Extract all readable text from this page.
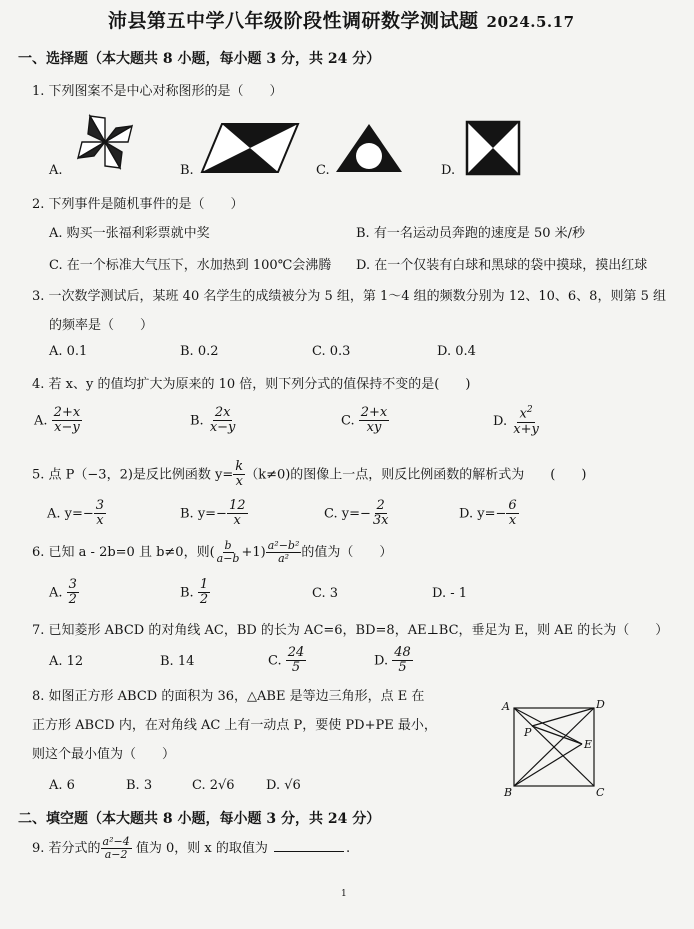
沛县第五中学八年级阶段性调研数学测试题 2024.5.17
一、选择题（本大题共 8 小题，每小题 3 分，共 24 分）
1. 下列图案不是中心对称图形的是（　　）
A.	B.	C.	D.
2. 下列事件是随机事件的是（　　）
A. 购买一张福利彩票就中奖	B. 有一名运动员奔跑的速度是 50 米/秒
C. 在一个标准大气压下，水加热到 100℃会沸腾 D. 在一个仅装有白球和黑球的袋中摸球，摸出红球
3. 一次数学测试后，某班 40 名学生的成绩被分为 5 组，第 1～4 组的频数分别为 12、10、6、8，则第 5 组
的频率是（　　）
A. 0.1	B. 0.2	C. 0.3	D. 0.4
4. 若 x、y 的值均扩大为原来的 10 倍，则下列分式的值保持不变的是(　　)
A. $\frac{2+x}{x-y}$	B. $\frac{2x}{x-y}$	C. $\frac{2+x}{xy}$	D. $\frac{x^2}{x+y}$
5. 点 P（−3，2)是反比例函数 $y= \frac{k}{x} (k\ne 0)$的图像上一点，则反比例函数的解析式为　　(　　)
A. $y=- \frac{3}{x}$	B. $y=- \frac{12}{x}$	C. $y=- \frac{2}{3x}$	D. $y=- \frac{6}{x}$
6. 已知 a - 2b=0 且 b≠0，则( $\frac{b}{a-b} +1) \frac{\text{a²−b²}}{\text{a²}}$ 的值为（　　）
A. $\frac{3}{2}$	B. $\frac{1}{2}$	C. 3	D. - 1
7. 已知菱形 ABCD 的对角线 AC，BD 的长为 AC=6，BD=8，AE⊥BC，垂足为 E，则 AE 的长为（　　）
A. 12	B. 14	C. $\frac{24}{5}$	D. $\frac{48}{5}$
8. 如图正方形 ABCD 的面积为 36，△ABE 是等边三角形，点 E 在
正方形 ABCD 内，在对角线 AC 上有一动点 P，要使 PD+PE 最小，
则这个最小值为（　　）
A. 6	B. 3	C. 2√6 D. √6
A	D
P
E
B	C
二、填空题（本大题共 8 小题，每小题 3 分，共 24 分）
9. 若分式的 $\frac{\text{a²−4}}{a-2}$ 值为 0，则 x 的取值为	.
1
